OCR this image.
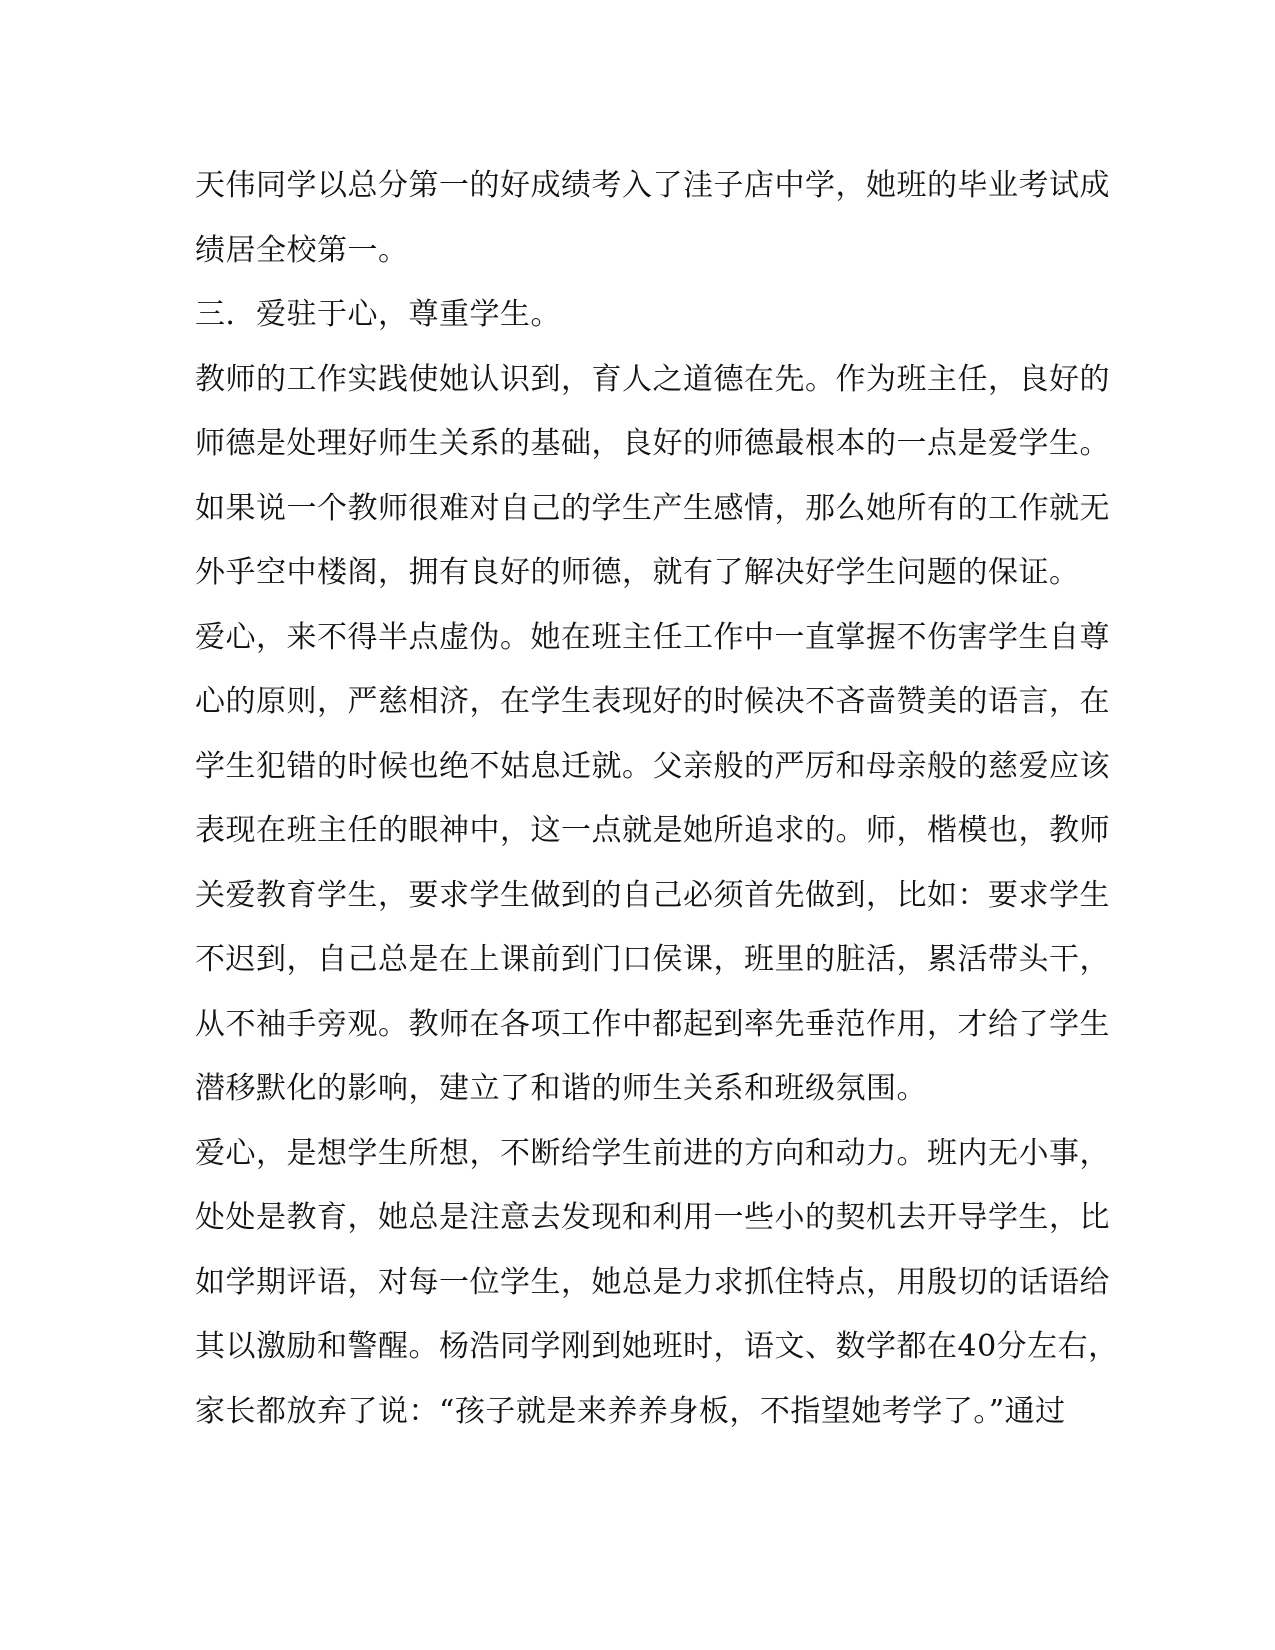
天伟同学以总分第一的好成绩考入了洼子店中学，她班的毕业考试成
绩居全校第一。
三．爱驻于心，尊重学生。
教师的工作实践使她认识到，育人之道德在先。作为班主任，良好的
师德是处理好师生关系的基础，良好的师德最根本的一点是爱学生。
如果说一个教师很难对自己的学生产生感情，那么她所有的工作就无
外乎空中楼阁，拥有良好的师德，就有了解决好学生问题的保证。
爱心，来不得半点虚伪。她在班主任工作中一直掌握不伤害学生自尊
心的原则，严慈相济，在学生表现好的时候决不吝啬赞美的语言，在
学生犯错的时候也绝不姑息迁就。父亲般的严厉和母亲般的慈爱应该
表现在班主任的眼神中，这一点就是她所追求的。师，楷模也，教师
关爱教育学生，要求学生做到的自己必须首先做到，比如：要求学生
不迟到，自己总是在上课前到门口侯课，班里的脏活，累活带头干，
从不袖手旁观。教师在各项工作中都起到率先垂范作用，才给了学生
潜移默化的影响，建立了和谐的师生关系和班级氛围。
爱心，是想学生所想，不断给学生前进的方向和动力。班内无小事，
处处是教育，她总是注意去发现和利用一些小的契机去开导学生，比
如学期评语，对每一位学生，她总是力求抓住特点，用殷切的话语给
其以激励和警醒。杨浩同学刚到她班时，语文、数学都在40分左右，
家长都放弃了说：“孩子就是来养养身板，不指望她考学了。”通过
